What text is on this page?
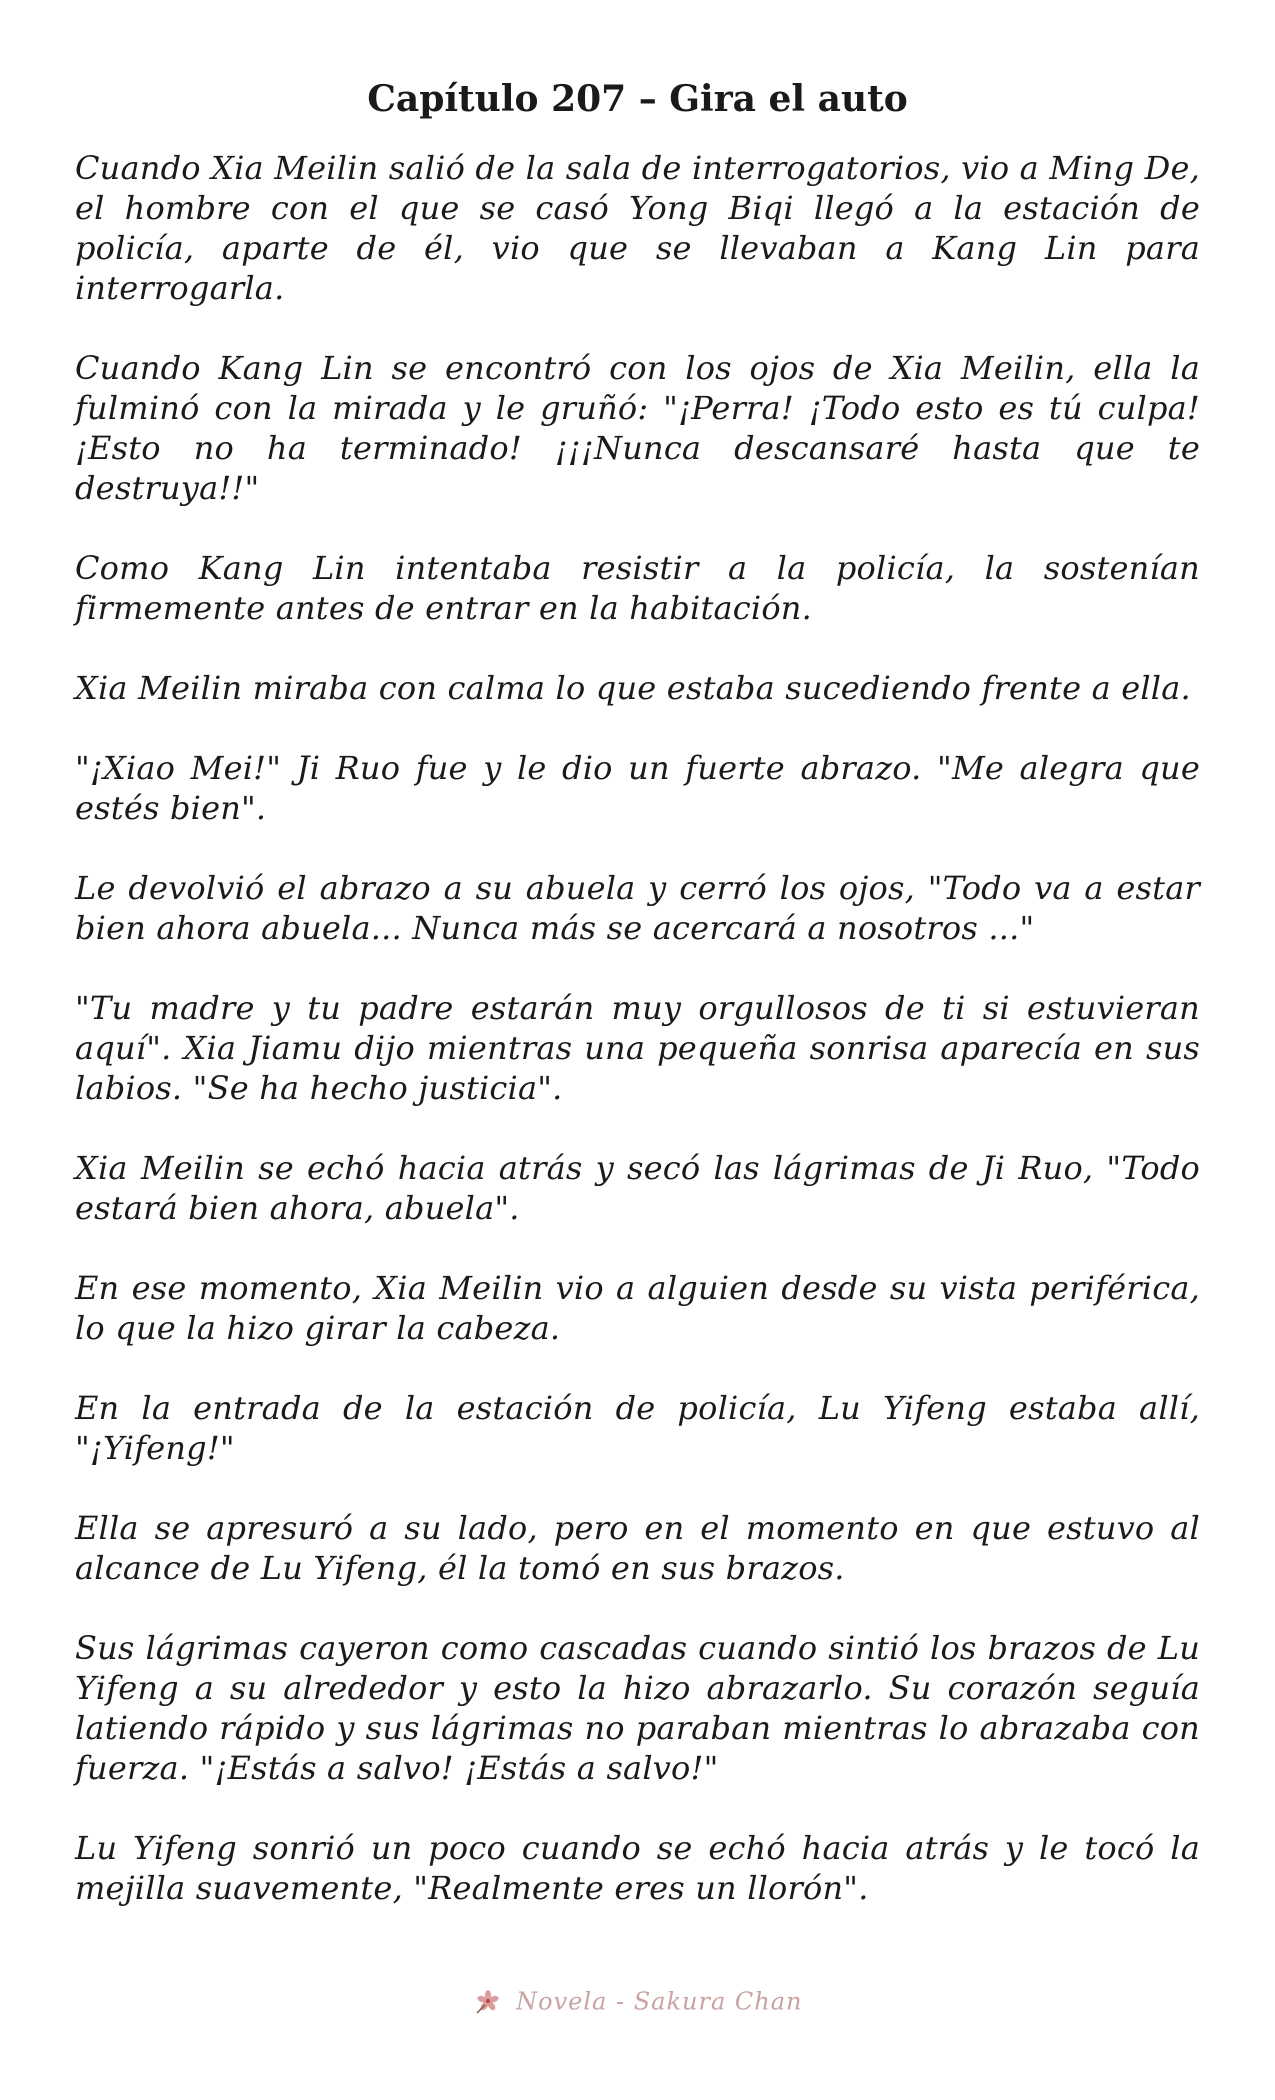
Capítulo 207 – Gira el auto

Cuando Xia Meilin salió de la sala de interrogatorios, vio a Ming De, el hombre con el que se casó Yong Biqi llegó a la estación de policía, aparte de él, vio que se llevaban a Kang Lin para interrogarla.

Cuando Kang Lin se encontró con los ojos de Xia Meilin, ella la fulminó con la mirada y le gruñó: "¡Perra! ¡Todo esto es tú culpa! ¡Esto no ha terminado! ¡¡¡Nunca descansaré hasta que te destruya!!"

Como Kang Lin intentaba resistir a la policía, la sostenían firmemente antes de entrar en la habitación.

Xia Meilin miraba con calma lo que estaba sucediendo frente a ella.

"¡Xiao Mei!" Ji Ruo fue y le dio un fuerte abrazo. "Me alegra que estés bien".

Le devolvió el abrazo a su abuela y cerró los ojos, "Todo va a estar bien ahora abuela... Nunca más se acercará a nosotros ..."

"Tu madre y tu padre estarán muy orgullosos de ti si estuvieran aquí". Xia Jiamu dijo mientras una pequeña sonrisa aparecía en sus labios. "Se ha hecho justicia".

Xia Meilin se echó hacia atrás y secó las lágrimas de Ji Ruo, "Todo estará bien ahora, abuela".

En ese momento, Xia Meilin vio a alguien desde su vista periférica, lo que la hizo girar la cabeza.

En la entrada de la estación de policía, Lu Yifeng estaba allí, "¡Yifeng!"

Ella se apresuró a su lado, pero en el momento en que estuvo al alcance de Lu Yifeng, él la tomó en sus brazos.

Sus lágrimas cayeron como cascadas cuando sintió los brazos de Lu Yifeng a su alrededor y esto la hizo abrazarlo. Su corazón seguía latiendo rápido y sus lágrimas no paraban mientras lo abrazaba con fuerza. "¡Estás a salvo! ¡Estás a salvo!"

Lu Yifeng sonrió un poco cuando se echó hacia atrás y le tocó la mejilla suavemente, "Realmente eres un llorón".

Novela - Sakura Chan
